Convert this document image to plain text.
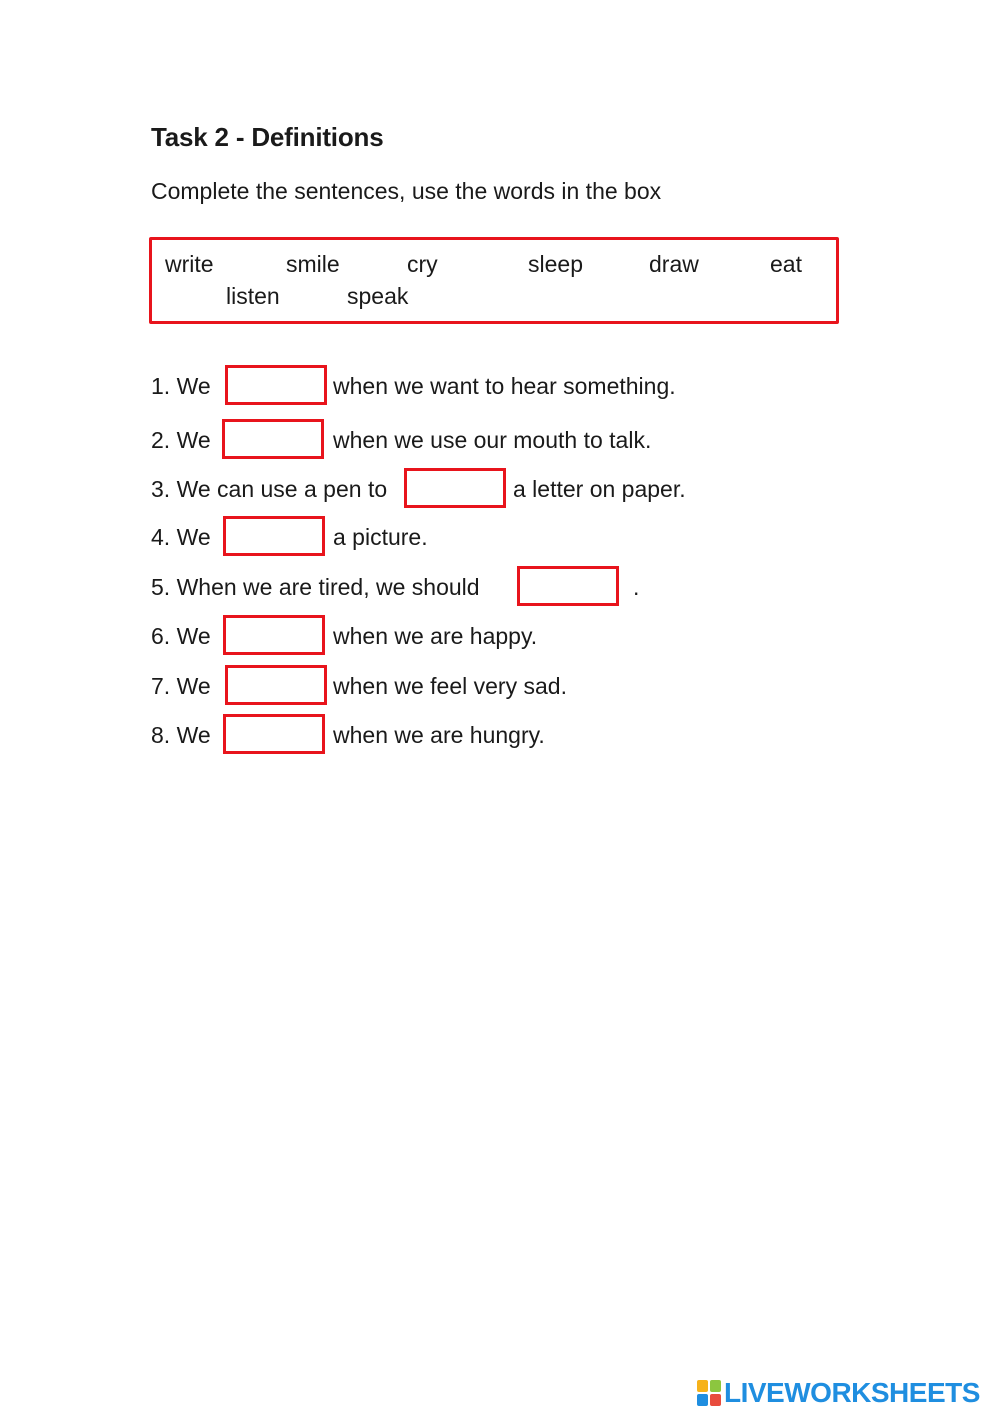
Task 2 - Definitions
Complete the sentences, use the words in the box
write	smile	cry	sleep	draw	eat
listen	speak
1. We	when we want to hear something.
2. We	when we use our mouth to talk.
3. We can use a pen to	a letter on paper.
4. We	a picture.
5. When we are tired, we should	.
6. We	when we are happy.
7. We	when we feel very sad.
8. We	when we are hungry.
LIVEWORKSHEETS
